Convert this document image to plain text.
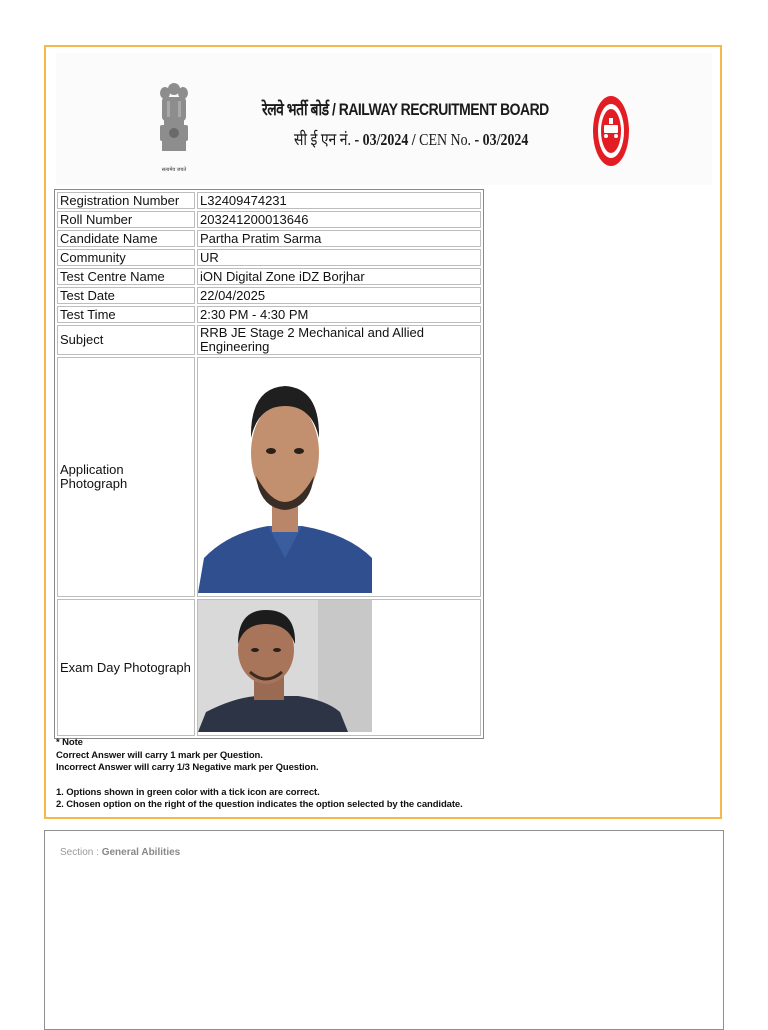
सत्यमेव जयते
रेलवे भर्ती बोर्ड / RAILWAY RECRUITMENT BOARD
सी ई एन नं. - 03/2024 / CEN No. - 03/2024
Registration Number	L32409474231
Roll Number	203241200013646
Candidate Name	Partha Pratim Sarma
Community	UR
Test Centre Name	iON Digital Zone iDZ Borjhar
Test Date	22/04/2025
Test Time	2:30 PM - 4:30 PM
Subject	RRB JE Stage 2 Mechanical and Allied Engineering
Application Photograph	
Exam Day Photograph	
* Note
Correct Answer will carry 1 mark per Question.
Incorrect Answer will carry 1/3 Negative mark per Question.
1. Options shown in green color with a tick icon are correct.
2. Chosen option on the right of the question indicates the option selected by the candidate.
Section : General Abilities
